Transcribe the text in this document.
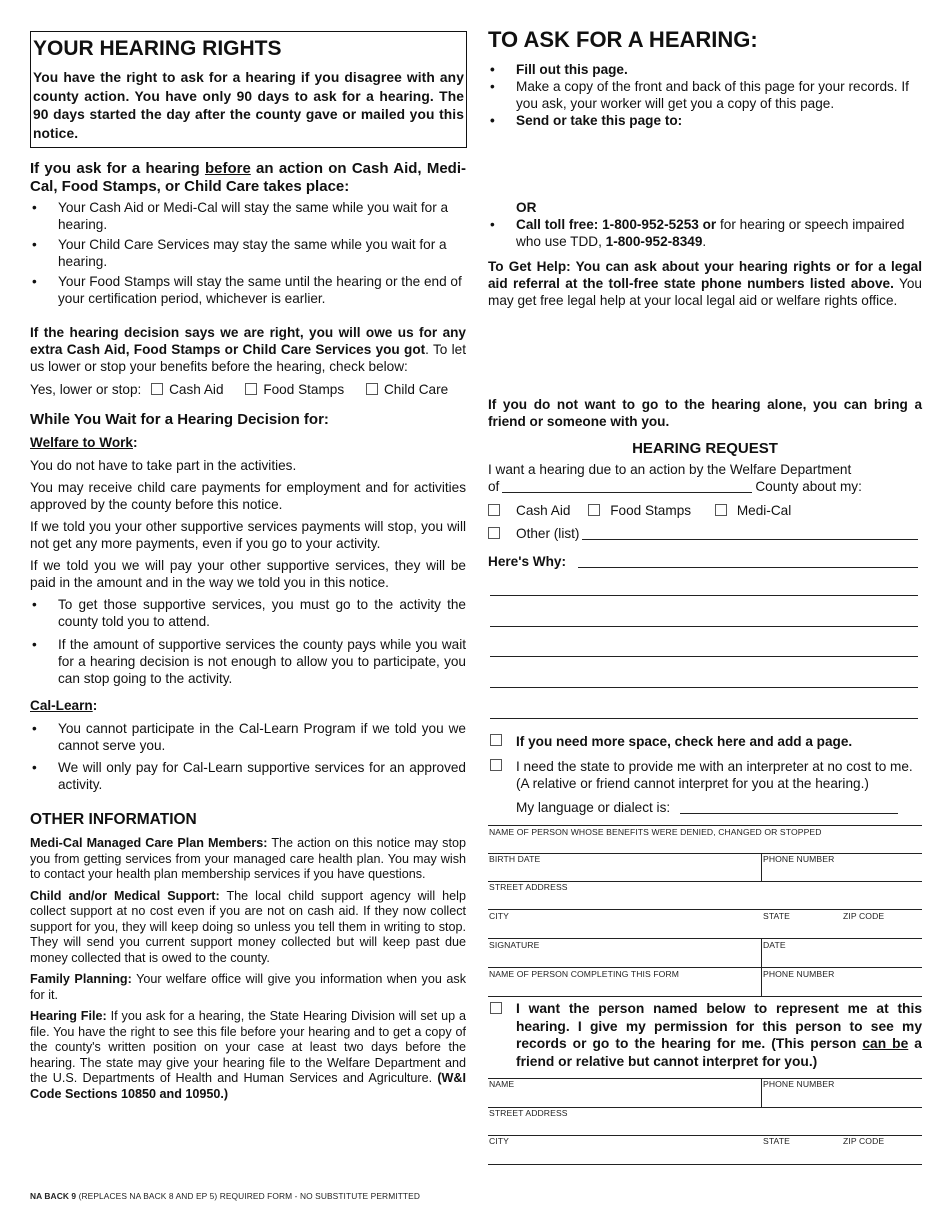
YOUR HEARING RIGHTS

You have the right to ask for a hearing if you disagree with any county action. You have only 90 days to ask for a hearing. The 90 days started the day after the county gave or mailed you this notice.

If you ask for a hearing before an action on Cash Aid, Medi-Cal, Food Stamps, or Child Care takes place:
• Your Cash Aid or Medi-Cal will stay the same while you wait for a hearing.
• Your Child Care Services may stay the same while you wait for a hearing.
• Your Food Stamps will stay the same until the hearing or the end of your certification period, whichever is earlier.
If the hearing decision says we are right, you will owe us for any extra Cash Aid, Food Stamps or Child Care Services you got. To let us lower or stop your benefits before the hearing, check below:
Yes, lower or stop: Cash Aid	Food Stamps	Child Care
While You Wait for a Hearing Decision for:
Welfare to Work:
You do not have to take part in the activities.
You may receive child care payments for employment and for activities approved by the county before this notice.
If we told you your other supportive services payments will stop, you will not get any more payments, even if you go to your activity.
If we told you we will pay your other supportive services, they will be paid in the amount and in the way we told you in this notice.
• To get those supportive services, you must go to the activity the county told you to attend.
• If the amount of supportive services the county pays while you wait for a hearing decision is not enough to allow you to participate, you can stop going to the activity.
Cal-Learn:
• You cannot participate in the Cal-Learn Program if we told you we cannot serve you.
• We will only pay for Cal-Learn supportive services for an approved activity.
OTHER INFORMATION
Medi-Cal Managed Care Plan Members: The action on this notice may stop you from getting services from your managed care health plan. You may wish to contact your health plan membership services if you have questions.
Child and/or Medical Support: The local child support agency will help collect support at no cost even if you are not on cash aid. If they now collect support for you, they will keep doing so unless you tell them in writing to stop. They will send you current support money collected but will keep past due money collected that is owed to the county.
Family Planning: Your welfare office will give you information when you ask for it.
Hearing File: If you ask for a hearing, the State Hearing Division will set up a file. You have the right to see this file before your hearing and to get a copy of the county's written position on your case at least two days before the hearing. The state may give your hearing file to the Welfare Department and the U.S. Departments of Health and Human Services and Agriculture. (W&I Code Sections 10850 and 10950.)
NA BACK 9 (REPLACES NA BACK 8 AND EP 5) REQUIRED FORM - NO SUBSTITUTE PERMITTED
TO ASK FOR A HEARING:
• Fill out this page.
• Make a copy of the front and back of this page for your records. If you ask, your worker will get you a copy of this page.
• Send or take this page to:
OR
• Call toll free: 1-800-952-5253 or for hearing or speech impaired who use TDD, 1-800-952-8349.
To Get Help: You can ask about your hearing rights or for a legal aid referral at the toll-free state phone numbers listed above. You may get free legal help at your local legal aid or welfare rights office.
If you do not want to go to the hearing alone, you can bring a friend or someone with you.
HEARING REQUEST
I want a hearing due to an action by the Welfare Department
of	County about my:
Cash Aid	Food Stamps	Medi-Cal
Other (list)
Here's Why:
If you need more space, check here and add a page.
I need the state to provide me with an interpreter at no cost to me. (A relative or friend cannot interpret for you at the hearing.)
My language or dialect is:
NAME OF PERSON WHOSE BENEFITS WERE DENIED, CHANGED OR STOPPED
BIRTH DATE	PHONE NUMBER
STREET ADDRESS
CITY	STATE	ZIP CODE
SIGNATURE	DATE
NAME OF PERSON COMPLETING THIS FORM	PHONE NUMBER
I want the person named below to represent me at this hearing. I give my permission for this person to see my records or go to the hearing for me. (This person can be a friend or relative but cannot interpret for you.)
NAME	PHONE NUMBER
STREET ADDRESS
CITY	STATE	ZIP CODE
